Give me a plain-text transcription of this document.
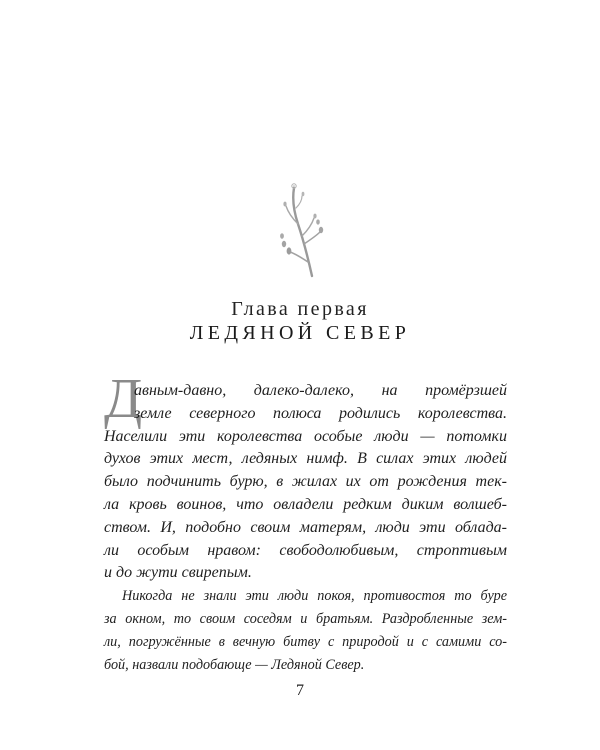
Глава первая
ЛЕДЯНОЙ СЕВЕР
Д
авным-давно, далеко-далеко, на промёрзшей
земле северного полюса родились королевства.
Населили эти королевства особые люди — потомки
духов этих мест, ледяных нимф. В силах этих людей
было подчинить бурю, в жилах их от рождения тек-
ла кровь воинов, что овладели редким диким волшеб-
ством. И, подобно своим матерям, люди эти облада-
ли особым нравом: свободолюбивым, строптивым
и до жути свирепым.
Никогда не знали эти люди покоя, противостоя то буре
за окном, то своим соседям и братьям. Раздробленные зем-
ли, погружённые в вечную битву с природой и с самими со-
бой, назвали подобающе — Ледяной Север.
7
